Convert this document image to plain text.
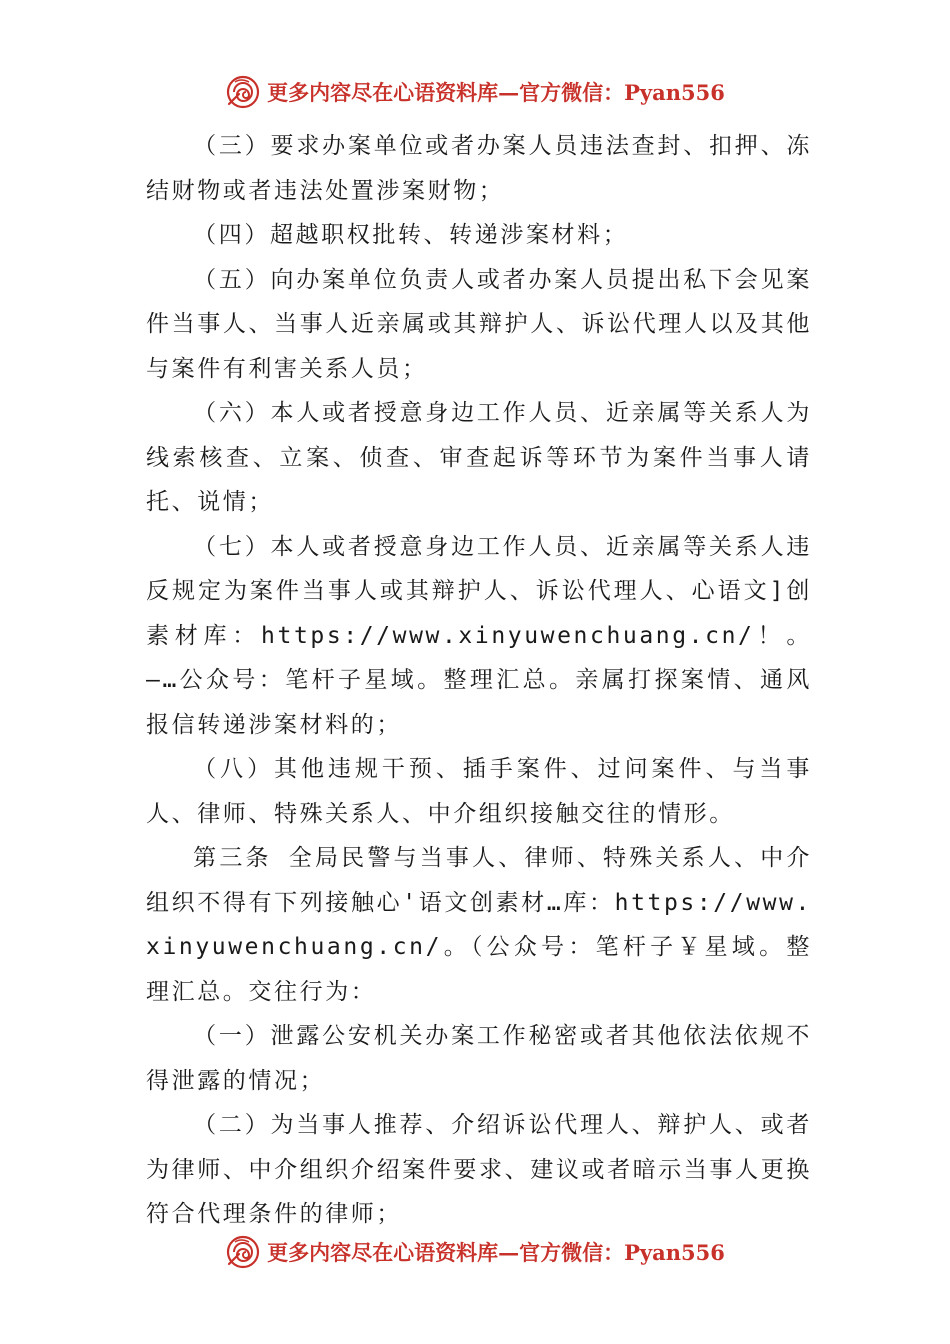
更多内容尽在心语资料库—官方微信：Pyan556

（三）要求办案单位或者办案人员违法查封、扣押、冻结财物或者违法处置涉案财物；

（四）超越职权批转、转递涉案材料；

（五）向办案单位负责人或者办案人员提出私下会见案件当事人、当事人近亲属或其辩护人、诉讼代理人以及其他与案件有利害关系人员；

（六）本人或者授意身边工作人员、近亲属等关系人为线索核查、立案、侦查、审查起诉等环节为案件当事人请托、说情；

（七）本人或者授意身边工作人员、近亲属等关系人违反规定为案件当事人或其辩护人、诉讼代理人、心语文]创素材库：https://www.xinyuwenchuang.cn/！。—…公众号：笔杆子星域。整理汇总。亲属打探案情、通风报信转递涉案材料的；

（八）其他违规干预、插手案件、过问案件、与当事人、律师、特殊关系人、中介组织接触交往的情形。

第三条 全局民警与当事人、律师、特殊关系人、中介组织不得有下列接触心'语文创素材…库：https://www.xinyuwenchuang.cn/。（公众号：笔杆子￥星域。整理汇总。交往行为：

（一）泄露公安机关办案工作秘密或者其他依法依规不得泄露的情况；

（二）为当事人推荐、介绍诉讼代理人、辩护人、或者为律师、中介组织介绍案件要求、建议或者暗示当事人更换符合代理条件的律师；

更多内容尽在心语资料库—官方微信：Pyan556
